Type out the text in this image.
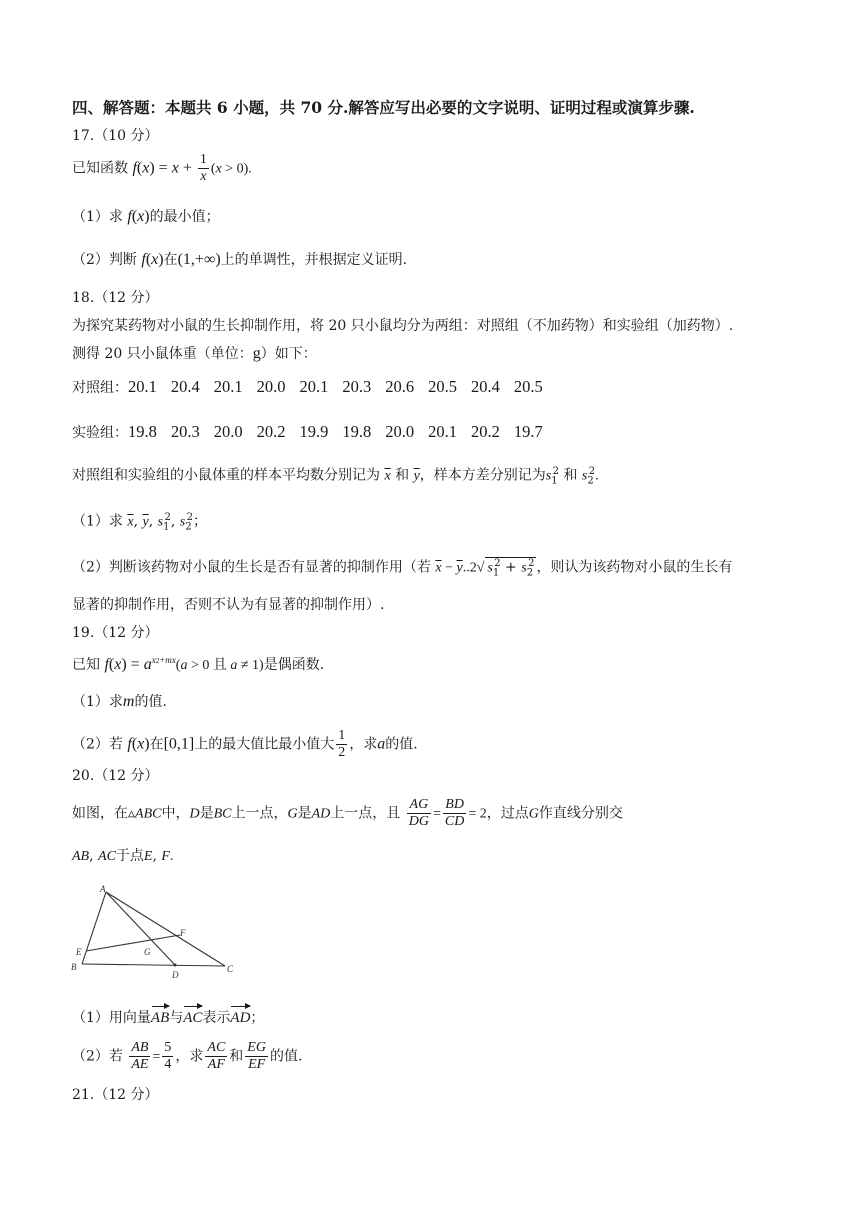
四、解答题：本题共 6 小题，共 70 分.解答应写出必要的文字说明、证明过程或演算步骤.
17.（10 分）
已知函数 $f(x) = x + \frac{1}{x} (x > 0)$.
（1）求 f(x)的最小值；
（2）判断 f(x)在(1,+∞)上的单调性，并根据定义证明.
18.（12 分）
为探究某药物对小鼠的生长抑制作用，将 20 只小鼠均分为两组：对照组（不加药物）和实验组（加药物）.
测得 20 只小鼠体重（单位：g）如下：
对照组：20.1 20.4 20.1 20.0 20.1 20.3 20.6 20.5 20.4 20.5
实验组：19.8 20.3 20.0 20.2 19.9 19.8 20.0 20.1 20.2 19.7
对照组和实验组的小鼠体重的样本平均数分别记为 $\overline{x}$ 和 $\overline{y}$，样本方差分别记为$s_1^2$ 和 $s_2^2$.
（1）求 $\overline{x}$, $\overline{y}$, $s_1^2$, $s_2^2$；
（2）判断该药物对小鼠的生长是否有显著的抑制作用（若 $\overline{x} - \overline{y}..2√$ $s_1^2 + s_2^2$ ，则认为该药物对小鼠的生长有
显著的抑制作用，否则不认为有显著的抑制作用）.
19.（12 分）
已知 $f(x) = a^{x2+mx}(a > 0$ 且 a ≠ 1)是偶函数.
（1）求m的值.
（2）若 f(x)在[0,1]上的最大值比最小值大 $\frac{1}{2}$ ，求a的值.
20.（12 分）
如图，在▵ABC中，D是BC上一点，G是AD上一点，且 $\frac{AG}{DG} = \frac{BD}{CD} = 2$，过点G作直线分别交
AB, AC于点E, F.
A
B	C
D
E
F
G
（1）用向量AB与AC表示AD；
（2）若 $\frac{AB}{AE} = \frac{5}{4}$ ，求 $\frac{AC}{AF}$ 和 $\frac{EG}{EF}$ 的值.
21.（12 分）
